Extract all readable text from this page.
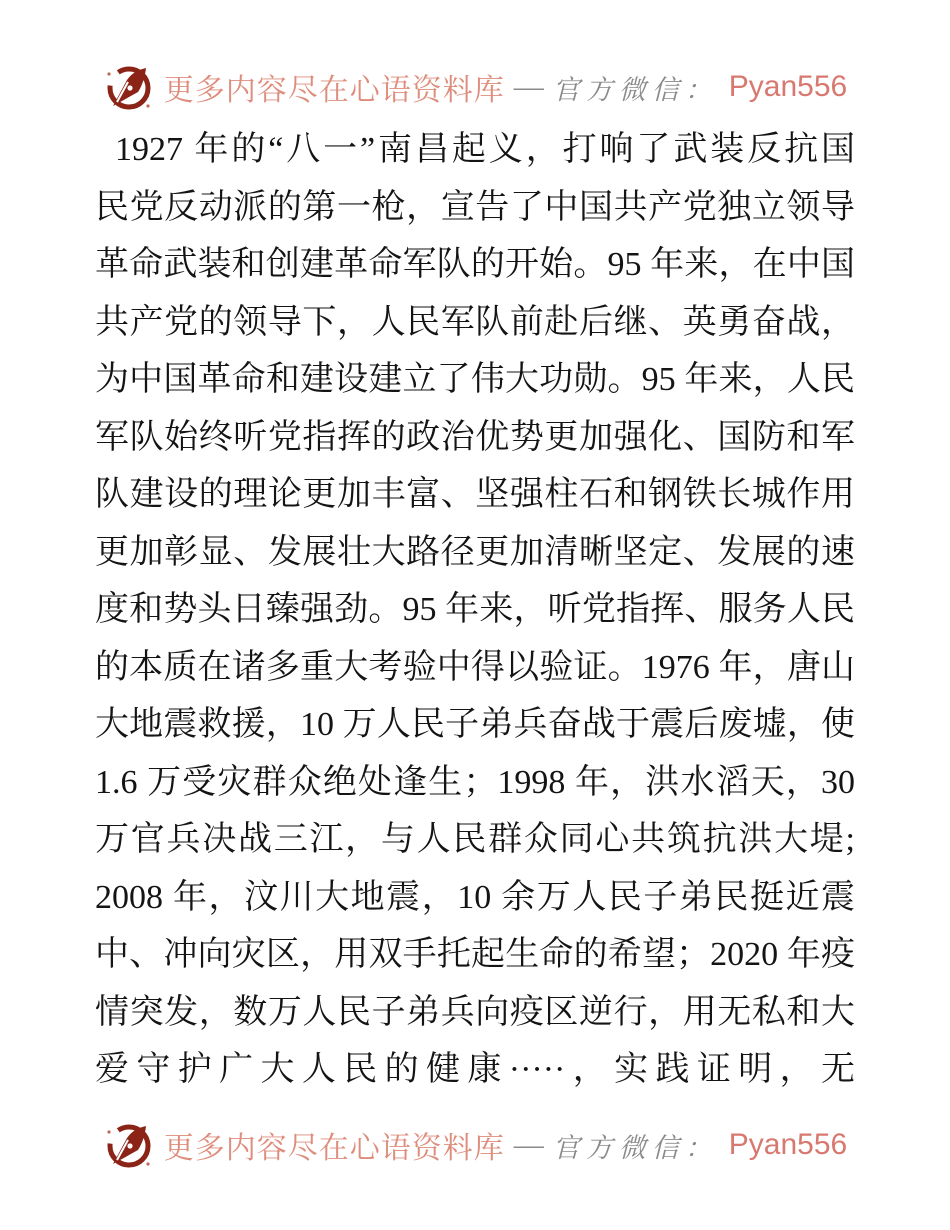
更多内容尽在心语资料库 — 官方微信： Pyan556
1927 年的“八一”南昌起义，打响了武装反抗国
民党反动派的第一枪，宣告了中国共产党独立领导
革命武装和创建革命军队的开始。95 年来，在中国
共产党的领导下，人民军队前赴后继、英勇奋战，
为中国革命和建设建立了伟大功勋。95 年来，人民
军队始终听党指挥的政治优势更加强化、国防和军
队建设的理论更加丰富、坚强柱石和钢铁长城作用
更加彰显、发展壮大路径更加清晰坚定、发展的速
度和势头日臻强劲。95 年来，听党指挥、服务人民
的本质在诸多重大考验中得以验证。1976 年，唐山
大地震救援，10 万人民子弟兵奋战于震后废墟，使
1.6 万受灾群众绝处逢生；1998 年，洪水滔天，30
万官兵决战三江，与人民群众同心共筑抗洪大堤;
2008 年，汶川大地震，10 余万人民子弟民挺近震
中、冲向灾区，用双手托起生命的希望；2020 年疫
情突发，数万人民子弟兵向疫区逆行，用无私和大
爱守护广大人民的健康·····，实践证明，无
更多内容尽在心语资料库 — 官方微信： Pyan556
